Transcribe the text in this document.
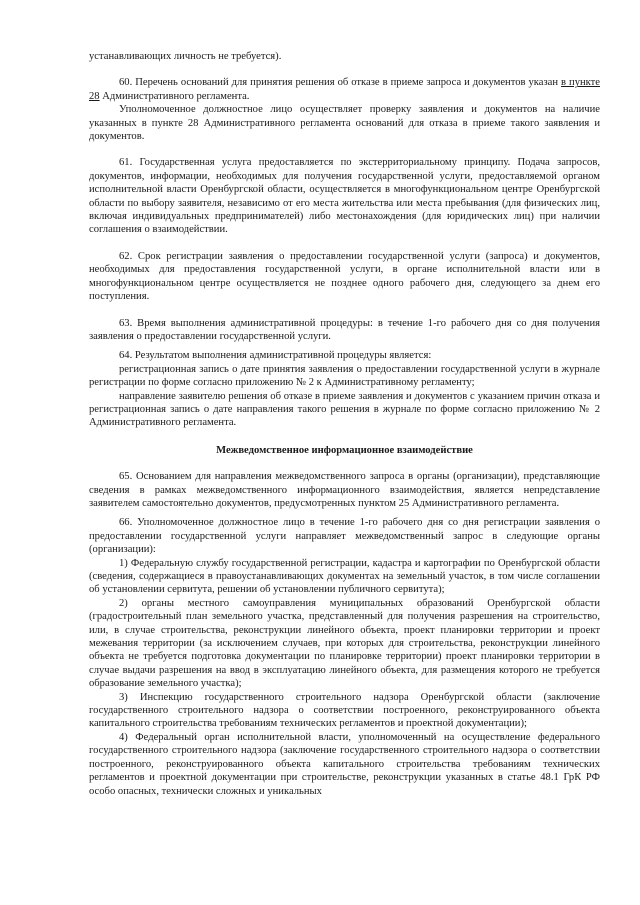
устанавливающих личность не требуется).

60. Перечень оснований для принятия решения об отказе в приеме запроса и документов указан в пункте 28 Административного регламента.

Уполномоченное должностное лицо осуществляет проверку заявления и документов на наличие указанных в пункте 28 Административного регламента оснований для отказа в приеме такого заявления и документов.

61. Государственная услуга предоставляется по экстерриториальному принципу. Подача запросов, документов, информации, необходимых для получения государственной услуги, предоставляемой органом исполнительной власти Оренбургской области, осуществляется в многофункциональном центре Оренбургской области по выбору заявителя, независимо от его места жительства или места пребывания (для физических лиц, включая индивидуальных предпринимателей) либо местонахождения (для юридических лиц) при наличии соглашения о взаимодействии.

62. Срок регистрации заявления о предоставлении государственной услуги (запроса) и документов, необходимых для предоставления государственной услуги, в органе исполнительной власти или в многофункциональном центре осуществляется не позднее одного рабочего дня, следующего за днем его поступления.

63. Время выполнения административной процедуры: в течение 1-го рабочего дня со дня получения заявления о предоставлении государственной услуги.

64. Результатом выполнения административной процедуры является:

регистрационная запись о дате принятия заявления о предоставлении государственной услуги в журнале регистрации по форме согласно приложению № 2 к Административному регламенту;

направление заявителю решения об отказе в приеме заявления и документов с указанием причин отказа и регистрационная запись о дате направления такого решения в журнале по форме согласно приложению № 2 Административного регламента.

Межведомственное информационное взаимодействие

65. Основанием для направления межведомственного запроса в органы (организации), представляющие сведения в рамках межведомственного информационного взаимодействия, является непредставление заявителем самостоятельно документов, предусмотренных пунктом 25 Административного регламента.

66. Уполномоченное должностное лицо в течение 1-го рабочего дня со дня регистрации заявления о предоставлении государственной услуги направляет межведомственный запрос в следующие органы (организации):

1) Федеральную службу государственной регистрации, кадастра и картографии по Оренбургской области (сведения, содержащиеся в правоустанавливающих документах на земельный участок, в том числе соглашении об установлении сервитута, решении об установлении публичного сервитута);

2) органы местного самоуправления муниципальных образований Оренбургской области (градостроительный план земельного участка, представленный для получения разрешения на строительство, или, в случае строительства, реконструкции линейного объекта, проект планировки территории и проект межевания территории (за исключением случаев, при которых для строительства, реконструкции линейного объекта не требуется подготовка документации по планировке территории) проект планировки территории в случае выдачи разрешения на ввод в эксплуатацию линейного объекта, для размещения которого не требуется образование земельного участка);

3) Инспекцию государственного строительного надзора Оренбургской области (заключение государственного строительного надзора о соответствии построенного, реконструированного объекта капитального строительства требованиям технических регламентов и проектной документации);

4) Федеральный орган исполнительной власти, уполномоченный на осуществление федерального государственного строительного надзора (заключение государственного строительного надзора о соответствии построенного, реконструированного объекта капитального строительства требованиям технических регламентов и проектной документации при строительстве, реконструкции указанных в статье 48.1 ГрК РФ особо опасных, технически сложных и уникальных
